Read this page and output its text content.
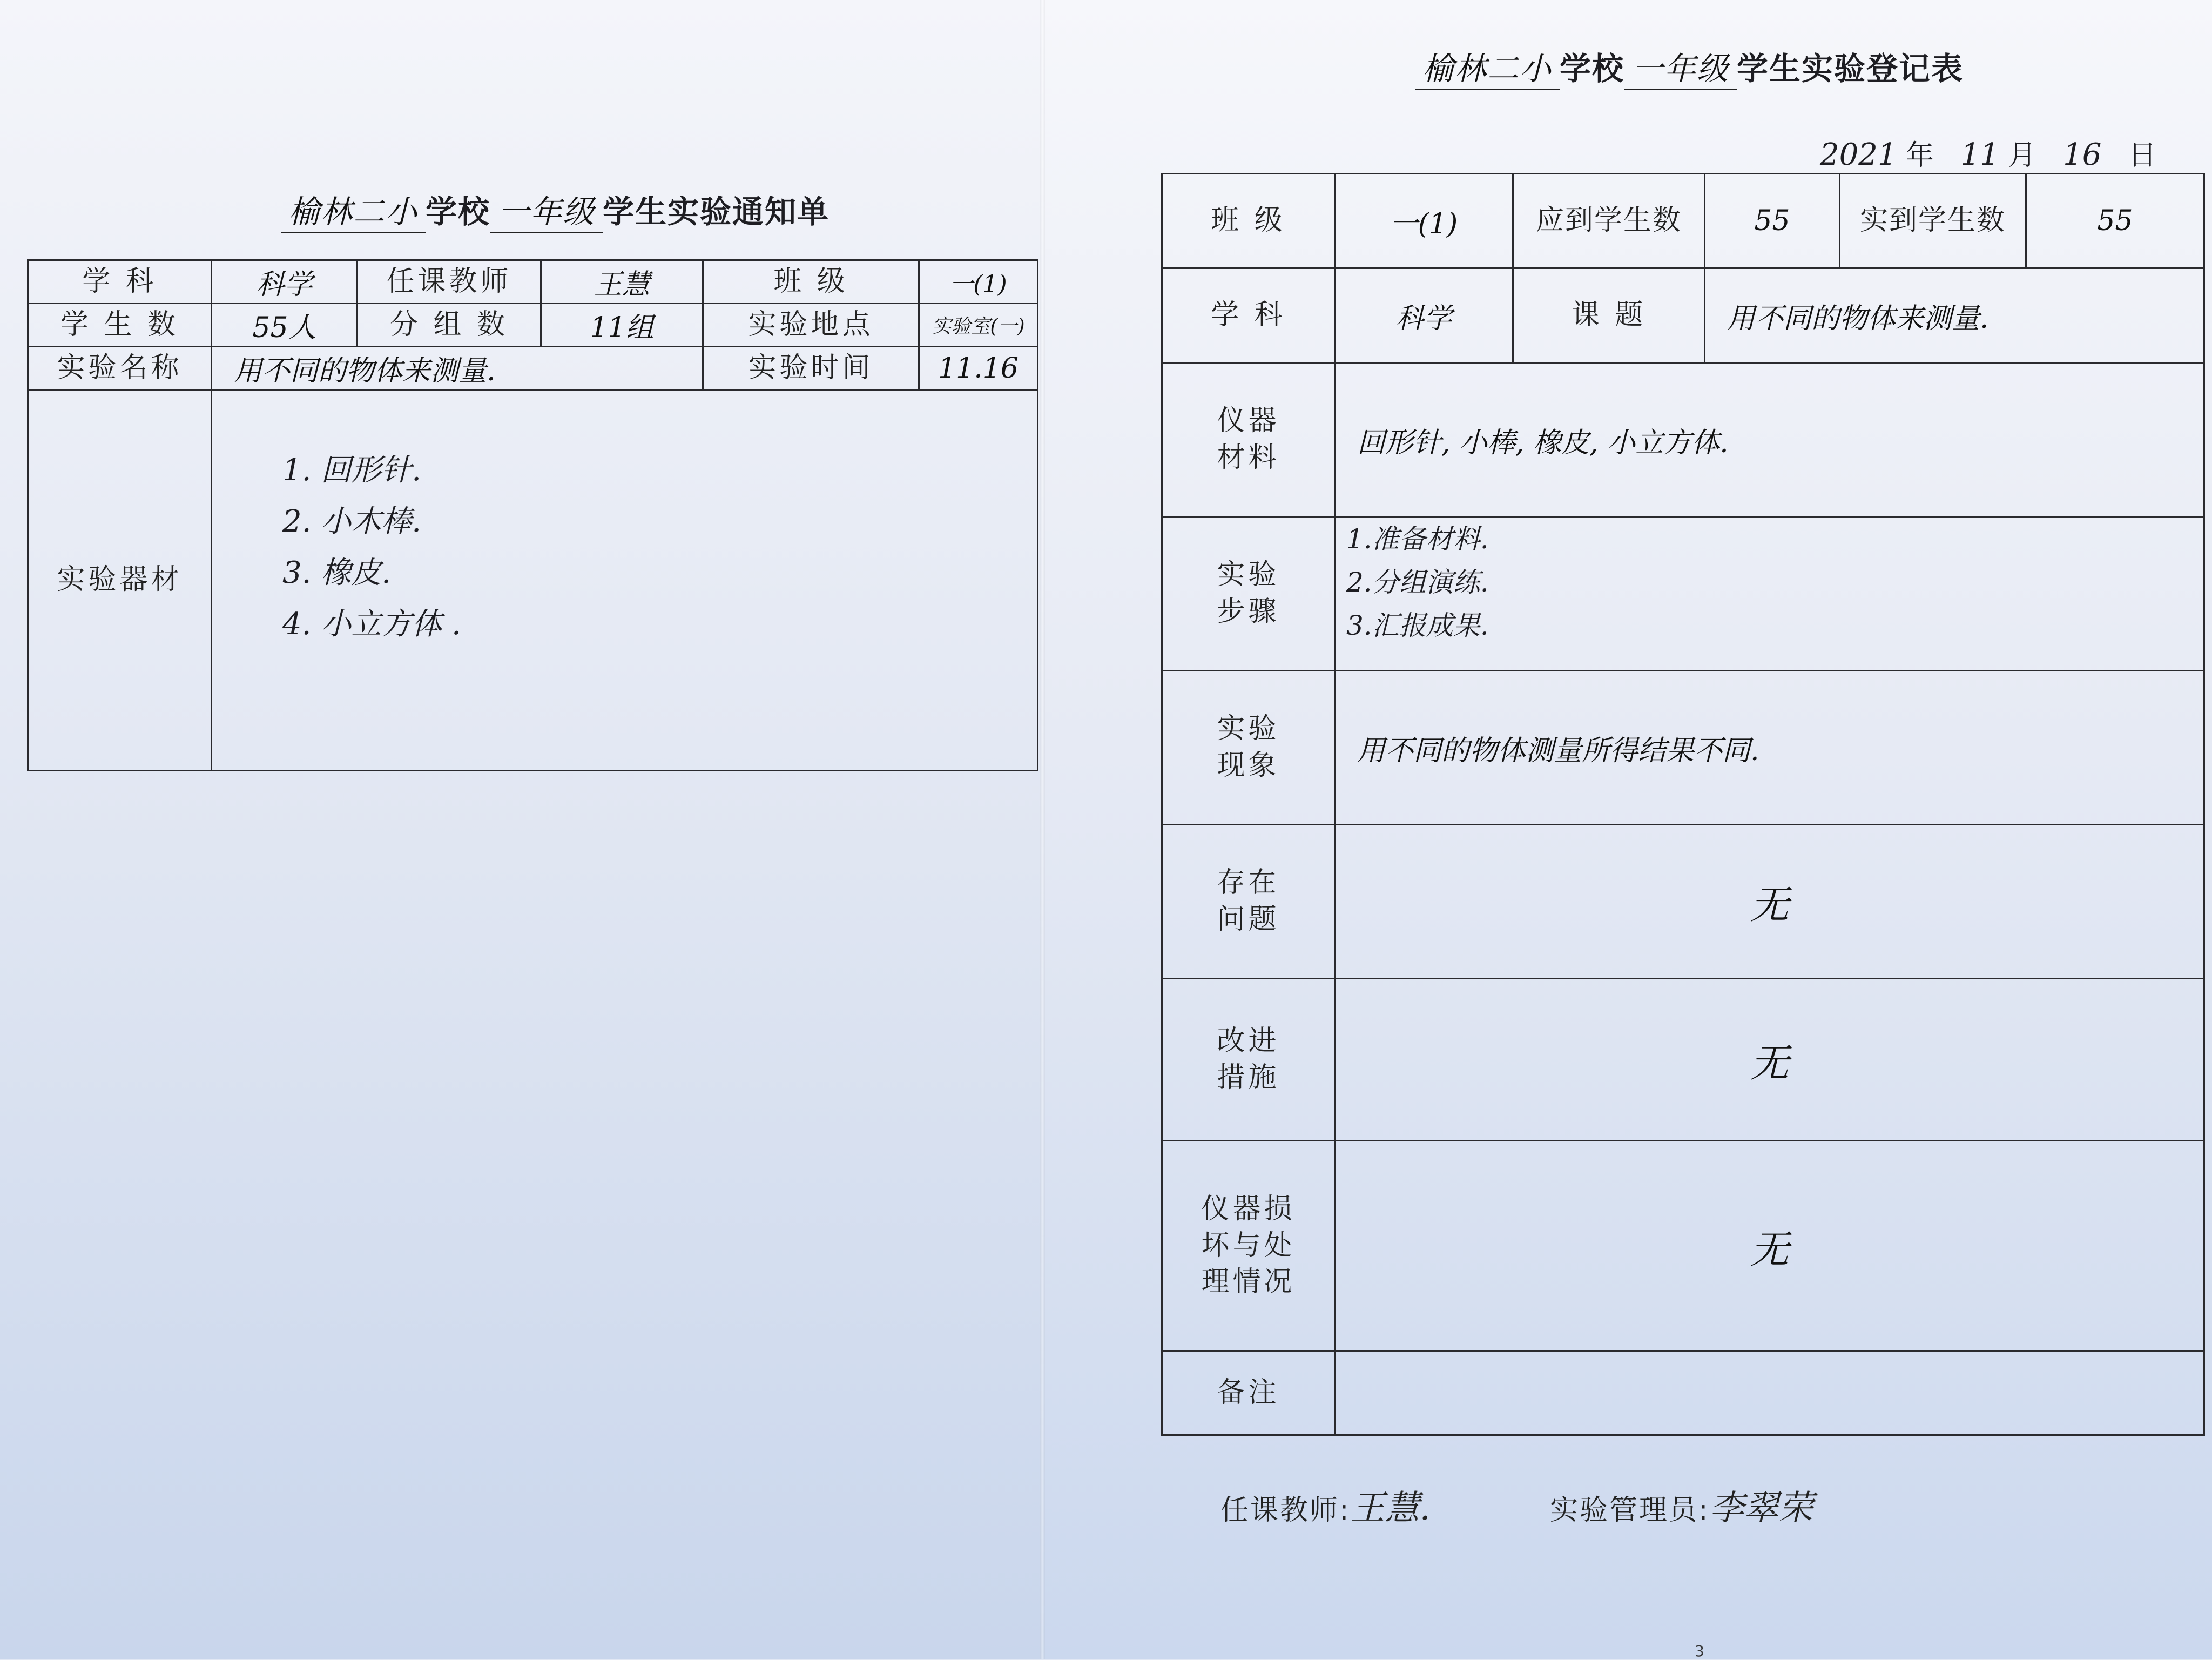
榆林二小 学校 一年级 学生实验通知单
学 科	科学	任课教师	王慧	班 级	一(1)
学 生 数	55人	分 组 数	11组	实验地点	实验室(一)
实验名称	用不同的物体来测量.			实验时间	11.16
实验器材	1. 回形针.
2. 小木棒.
3. 橡皮.
4. 小立方体 .				
榆林二小 学校 一年级 学生实验登记表
2021 年 11 月 16 日
班 级	一(1)	应到学生数	55	实到学生数	55
学 科	科学	课 题	用不同的物体来测量.		
仪器材料	回形针, 小棒, 橡皮, 小立方体.				
实验步骤	1.准备材料.
2.分组演练.
3.汇报成果.				

实验现象	用不同的物体测量所得结果不同.				
存在问题	无				
改进措施	无				
仪器损坏与处理情况	无				
备注					
任课教师:王慧.	实验管理员:李翠荣
3
